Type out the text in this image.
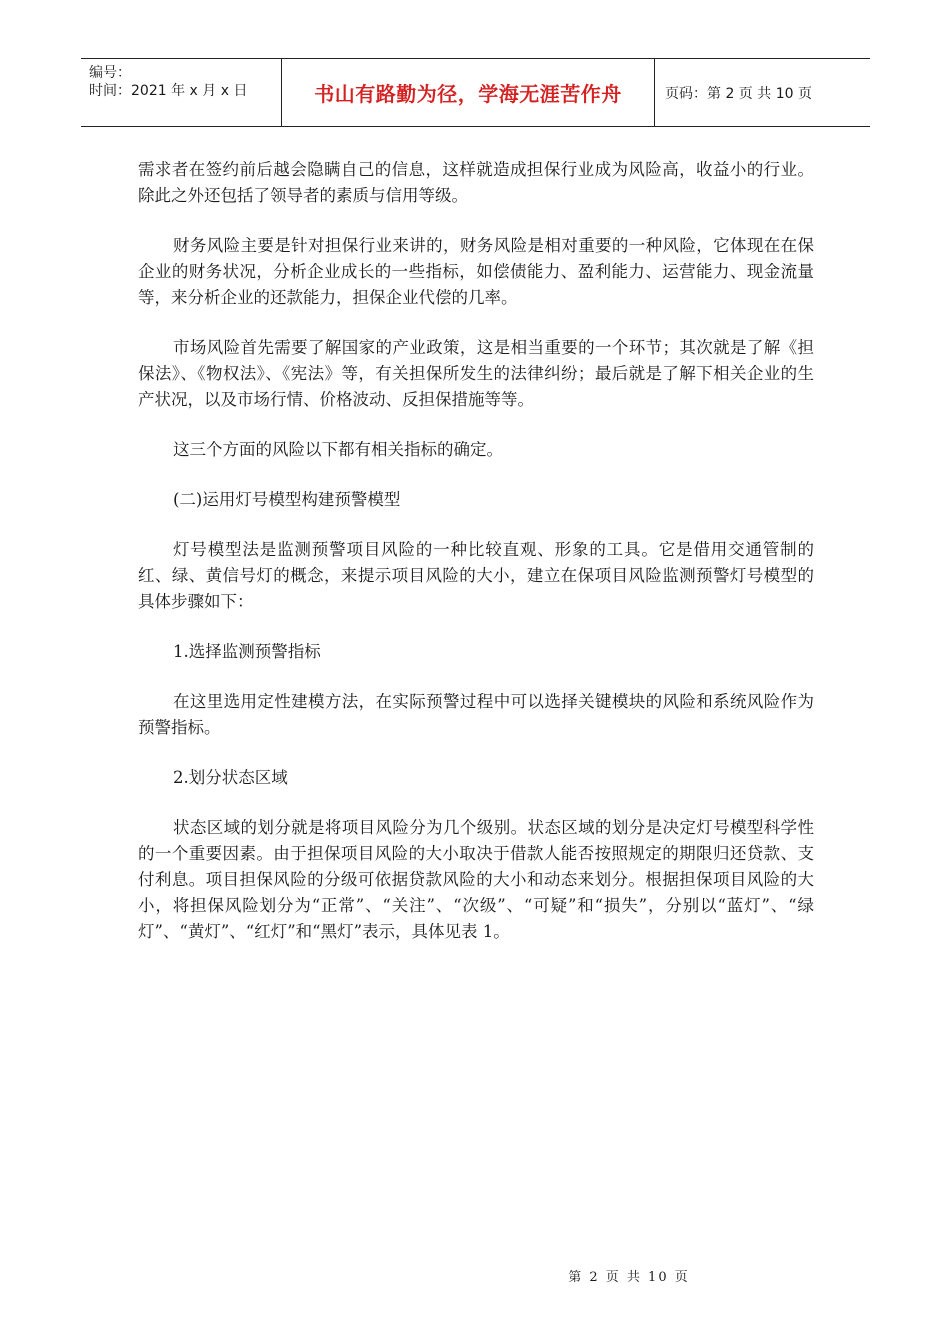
编号：
时间：2021 年 x 月 x 日	书山有路勤为径，学海无涯苦作舟	页码：第 2 页 共 10 页

需求者在签约前后越会隐瞒自己的信息，这样就造成担保行业成为风险高，收益小的行业。除此之外还包括了领导者的素质与信用等级。

财务风险主要是针对担保行业来讲的，财务风险是相对重要的一种风险，它体现在在保企业的财务状况，分析企业成长的一些指标，如偿债能力、盈利能力、运营能力、现金流量等，来分析企业的还款能力，担保企业代偿的几率。

市场风险首先需要了解国家的产业政策，这是相当重要的一个环节；其次就是了解《担保法》、《物权法》、《宪法》等，有关担保所发生的法律纠纷；最后就是了解下相关企业的生产状况，以及市场行情、价格波动、反担保措施等等。

这三个方面的风险以下都有相关指标的确定。

(二)运用灯号模型构建预警模型

灯号模型法是监测预警项目风险的一种比较直观、形象的工具。它是借用交通管制的红、绿、黄信号灯的概念，来提示项目风险的大小，建立在保项目风险监测预警灯号模型的具体步骤如下：

1.选择监测预警指标

在这里选用定性建模方法，在实际预警过程中可以选择关键模块的风险和系统风险作为预警指标。

2.划分状态区域

状态区域的划分就是将项目风险分为几个级别。状态区域的划分是决定灯号模型科学性的一个重要因素。由于担保项目风险的大小取决于借款人能否按照规定的期限归还贷款、支付利息。项目担保风险的分级可依据贷款风险的大小和动态来划分。根据担保项目风险的大小，将担保风险划分为“正常”、“关注”、“次级”、“可疑”和“损失”，分别以“蓝灯”、“绿灯”、“黄灯”、“红灯”和“黑灯”表示，具体见表 1。

第 2 页 共 10 页
